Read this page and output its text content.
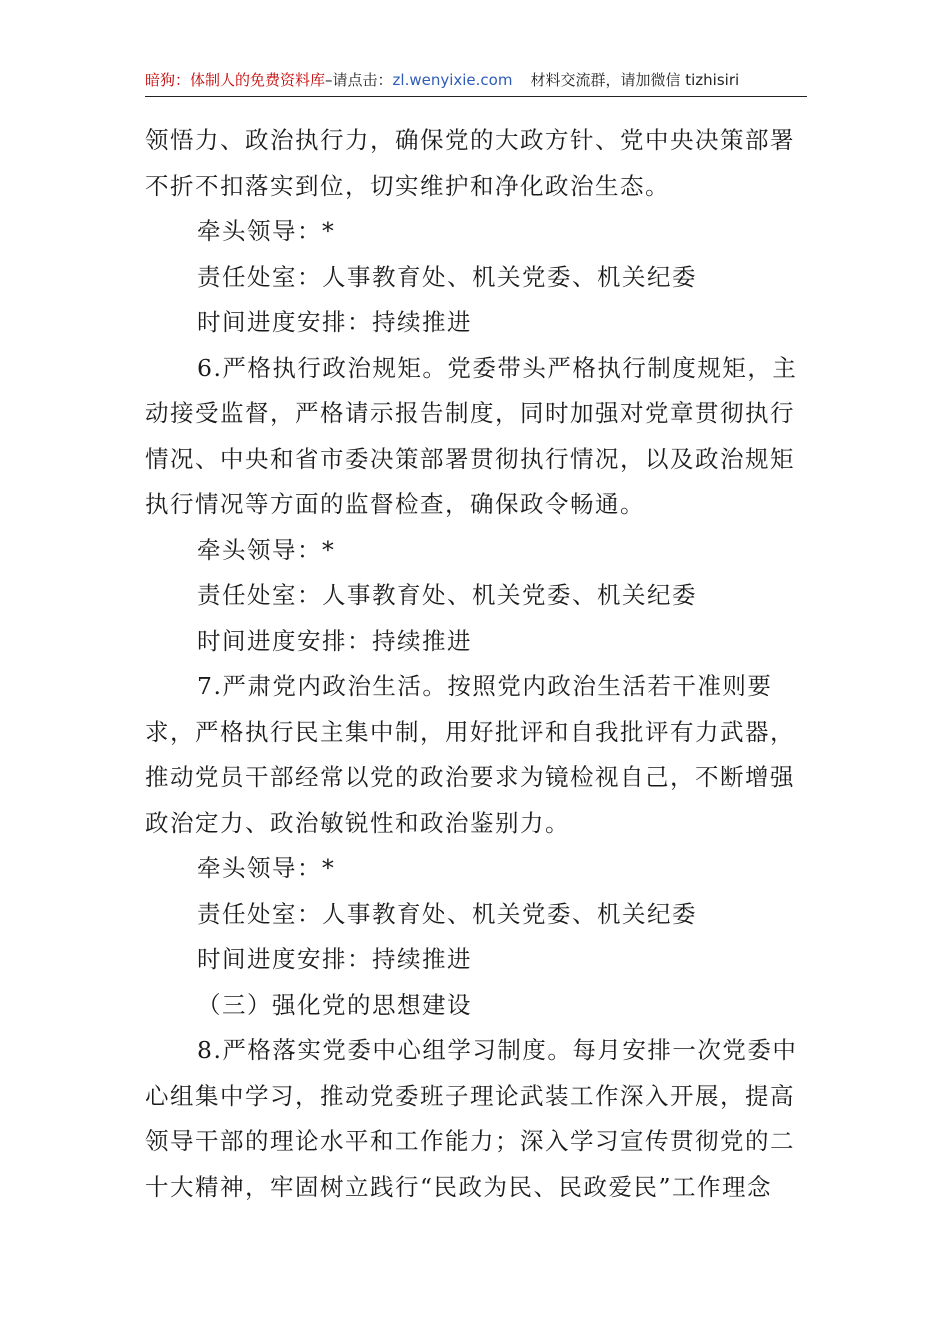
暗狗：体制人的免费资料库–请点击：zl.wenyixie.com 材料交流群，请加微信 tizhisiri

领悟力、政治执行力，确保党的大政方针、党中央决策部署不折不扣落实到位，切实维护和净化政治生态。

牵头领导：*

责任处室：人事教育处、机关党委、机关纪委

时间进度安排：持续推进

6.严格执行政治规矩。党委带头严格执行制度规矩，主动接受监督，严格请示报告制度，同时加强对党章贯彻执行情况、中央和省市委决策部署贯彻执行情况，以及政治规矩执行情况等方面的监督检查，确保政令畅通。

牵头领导：*

责任处室：人事教育处、机关党委、机关纪委

时间进度安排：持续推进

7.严肃党内政治生活。按照党内政治生活若干准则要求，严格执行民主集中制，用好批评和自我批评有力武器，推动党员干部经常以党的政治要求为镜检视自己，不断增强政治定力、政治敏锐性和政治鉴别力。

牵头领导：*

责任处室：人事教育处、机关党委、机关纪委

时间进度安排：持续推进

（三）强化党的思想建设

8.严格落实党委中心组学习制度。每月安排一次党委中心组集中学习，推动党委班子理论武装工作深入开展，提高领导干部的理论水平和工作能力；深入学习宣传贯彻党的二十大精神，牢固树立践行“民政为民、民政爱民”工作理念
